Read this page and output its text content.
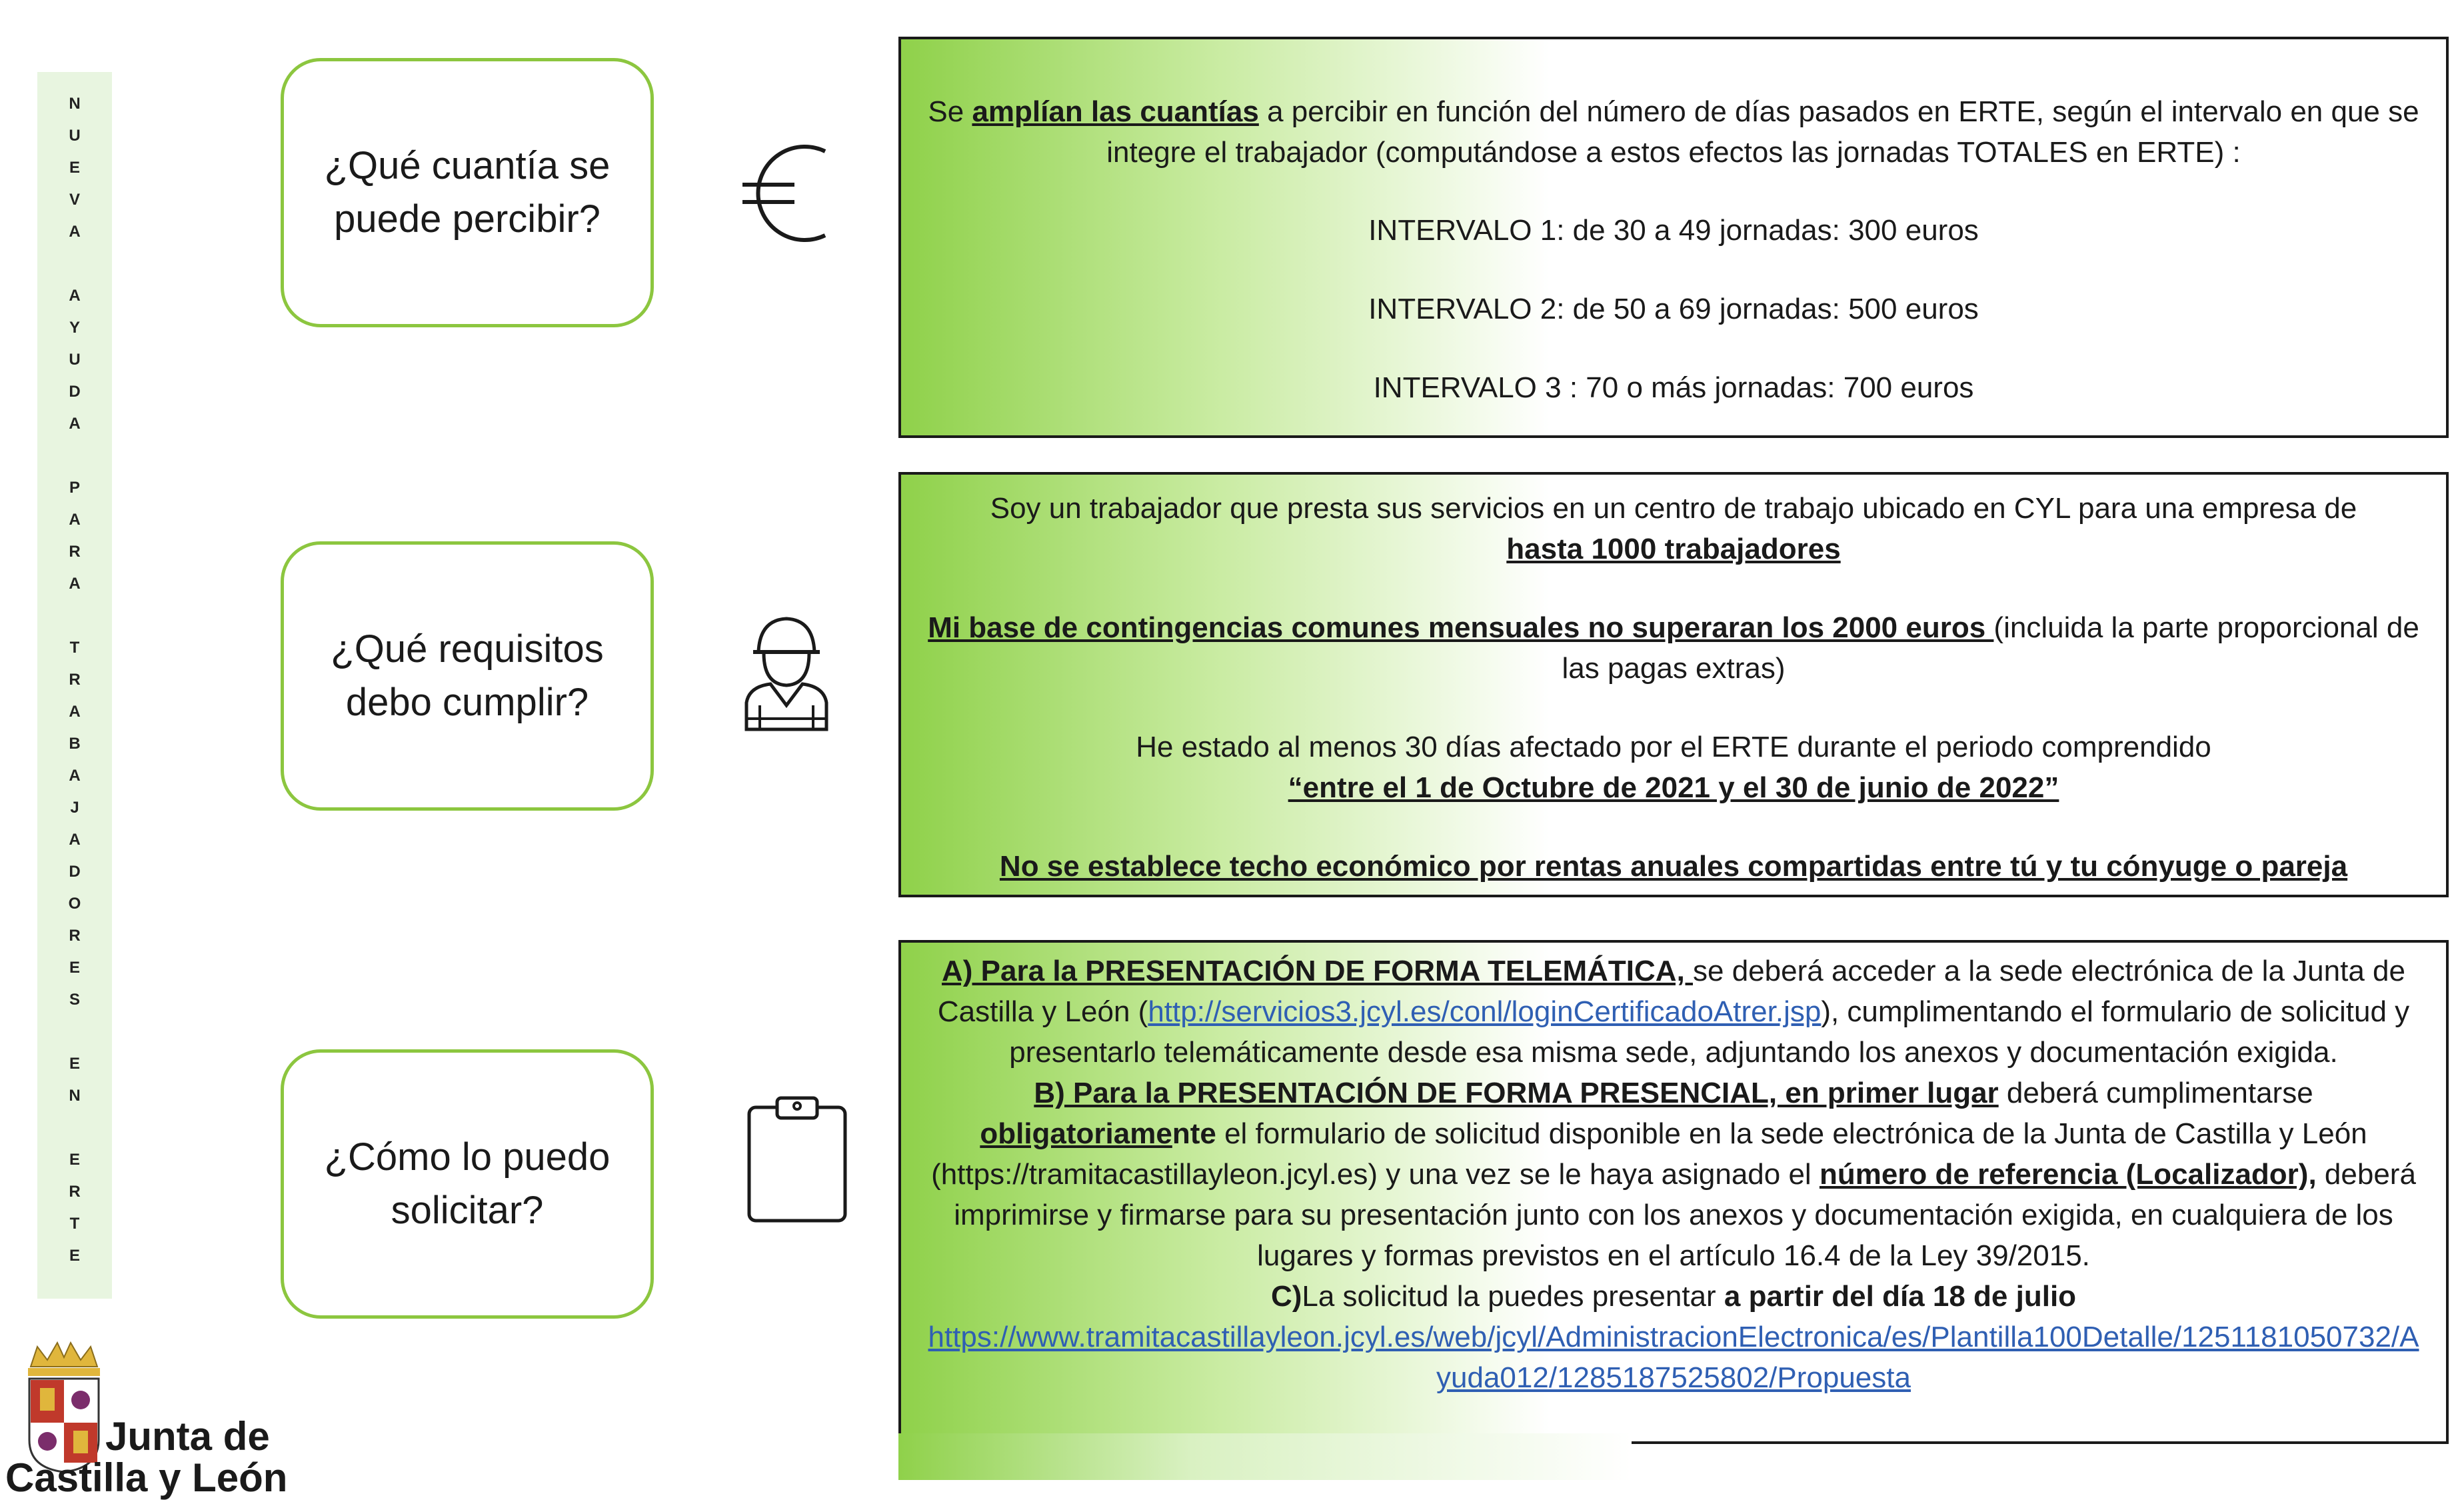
N
U
E
V
A
A
Y
U
D
A
P
A
R
A
T
R
A
B
A
J
A
D
O
R
E
S
E
N
E
R
T
E
¿Qué cuantía se
puede percibir?
¿Qué requisitos
debo cumplir?
¿Cómo lo puedo
solicitar?

Se amplían las cuantías a percibir en función del número de días pasados en ERTE, según el intervalo en que se integre el trabajador (computándose a estos efectos las jornadas TOTALES en ERTE) :

INTERVALO 1: de 30 a 49 jornadas: 300 euros

INTERVALO 2: de 50 a 69 jornadas: 500 euros

INTERVALO 3 : 70 o más jornadas: 700 euros

Soy un trabajador que presta sus servicios en un centro de trabajo ubicado en CYL para una empresa de
hasta 1000 trabajadores

Mi base de contingencias comunes mensuales no superaran los 2000 euros (incluida la parte proporcional de las pagas extras)

He estado al menos 30 días afectado por el ERTE durante el periodo comprendido
“entre el 1 de Octubre de 2021 y el 30 de junio de 2022”

No se establece techo económico por rentas anuales compartidas entre tú y tu cónyuge o pareja

A) Para la PRESENTACIÓN DE FORMA TELEMÁTICA, se deberá acceder a la sede electrónica de la Junta de Castilla y León (http://servicios3.jcyl.es/conl/loginCertificadoAtrer.jsp), cumplimentando el formulario de solicitud y presentarlo telemáticamente desde esa misma sede, adjuntando los anexos y documentación exigida.

B) Para la PRESENTACIÓN DE FORMA PRESENCIAL, en primer lugar deberá cumplimentarse obligatoriamente el formulario de solicitud disponible en la sede electrónica de la Junta de Castilla y León (https://tramitacastillayleon.jcyl.es) y una vez se le haya asignado el número de referencia (Localizador), deberá imprimirse y firmarse para su presentación junto con los anexos y documentación exigida, en cualquiera de los lugares y formas previstos en el artículo 16.4 de la Ley 39/2015.

C)La solicitud la puedes presentar a partir del día 18 de julio

https://www.tramitacastillayleon.jcyl.es/web/jcyl/AdministracionElectronica/es/Plantilla100Detalle/1251181050732/Ayuda012/1285187525802/Propuesta

Junta de
Castilla y León
